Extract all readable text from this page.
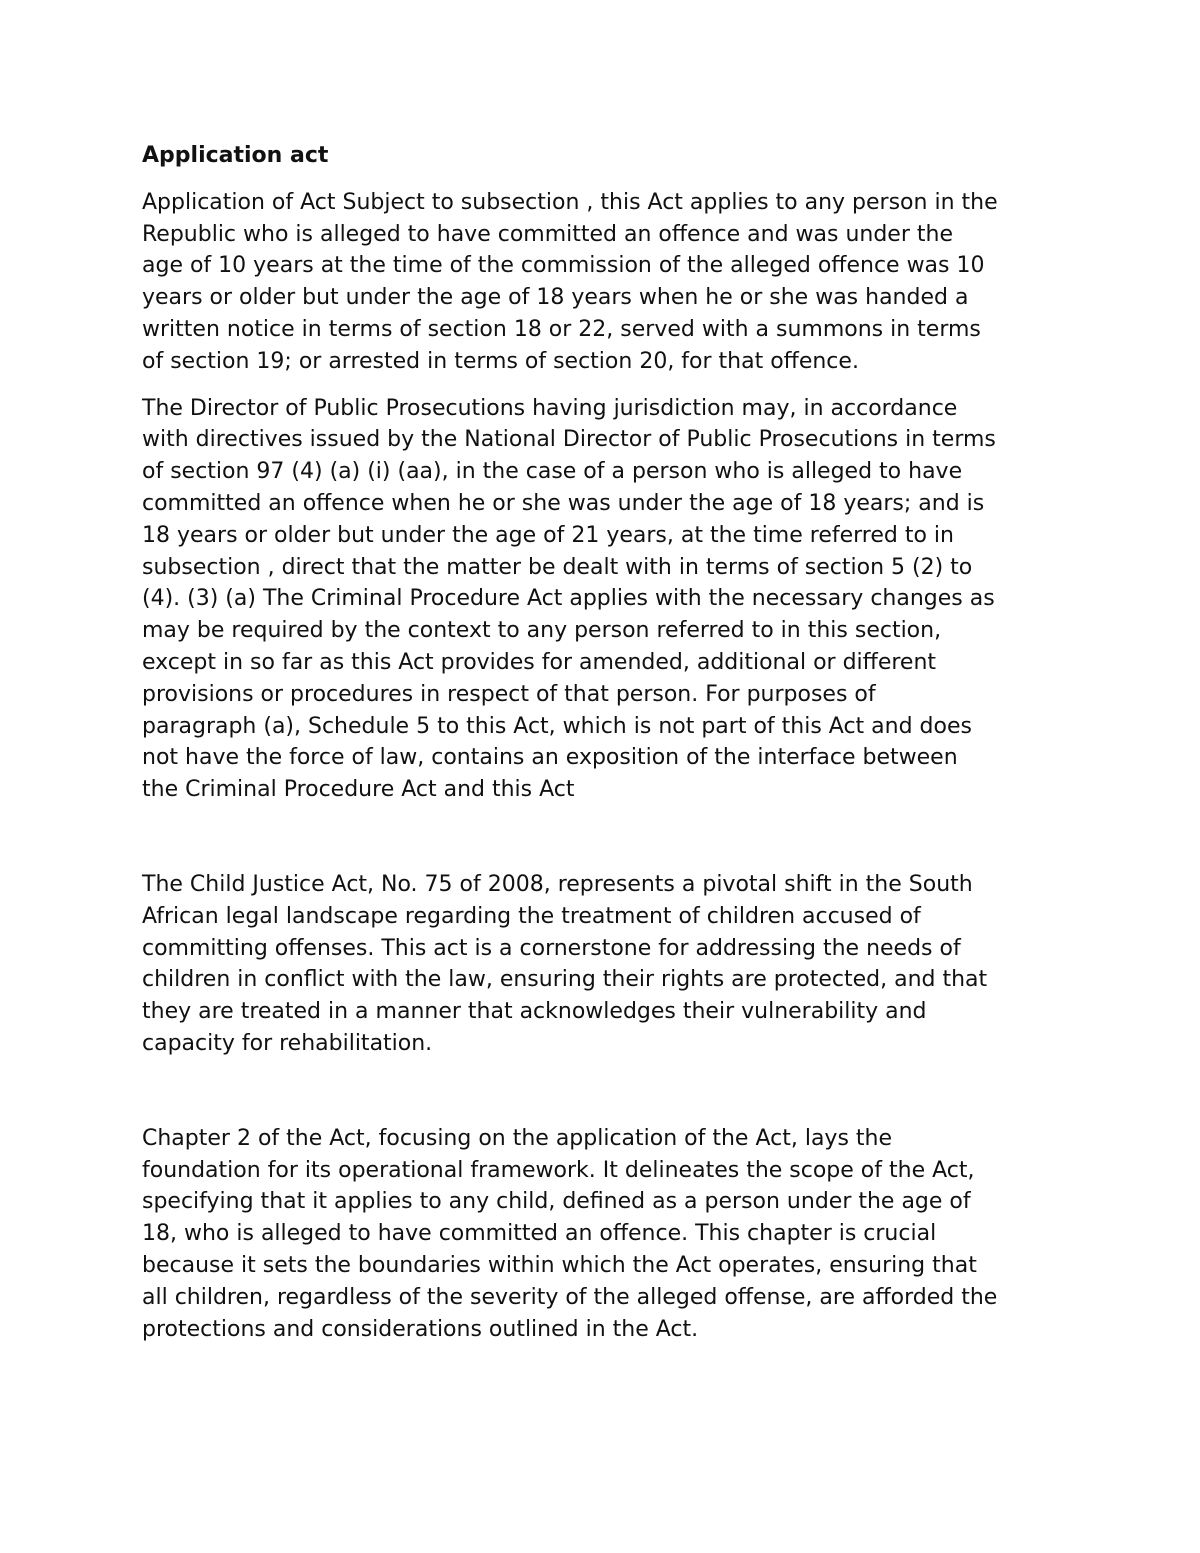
Application act

Application of Act Subject to subsection , this Act applies to any person in the
Republic who is alleged to have committed an offence and was under the
age of 10 years at the time of the commission of the alleged offence was 10
years or older but under the age of 18 years when he or she was handed a
written notice in terms of section 18 or 22, served with a summons in terms
of section 19; or arrested in terms of section 20, for that offence.

The Director of Public Prosecutions having jurisdiction may, in accordance
with directives issued by the National Director of Public Prosecutions in terms
of section 97 (4) (a) (i) (aa), in the case of a person who is alleged to have
committed an offence when he or she was under the age of 18 years; and is
18 years or older but under the age of 21 years, at the time referred to in
subsection , direct that the matter be dealt with in terms of section 5 (2) to
(4). (3) (a) The Criminal Procedure Act applies with the necessary changes as
may be required by the context to any person referred to in this section,
except in so far as this Act provides for amended, additional or different
provisions or procedures in respect of that person. For purposes of
paragraph (a), Schedule 5 to this Act, which is not part of this Act and does
not have the force of law, contains an exposition of the interface between
the Criminal Procedure Act and this Act

The Child Justice Act, No. 75 of 2008, represents a pivotal shift in the South
African legal landscape regarding the treatment of children accused of
committing offenses. This act is a cornerstone for addressing the needs of
children in conflict with the law, ensuring their rights are protected, and that
they are treated in a manner that acknowledges their vulnerability and
capacity for rehabilitation.

Chapter 2 of the Act, focusing on the application of the Act, lays the
foundation for its operational framework. It delineates the scope of the Act,
specifying that it applies to any child, defined as a person under the age of
18, who is alleged to have committed an offence. This chapter is crucial
because it sets the boundaries within which the Act operates, ensuring that
all children, regardless of the severity of the alleged offense, are afforded the
protections and considerations outlined in the Act.
